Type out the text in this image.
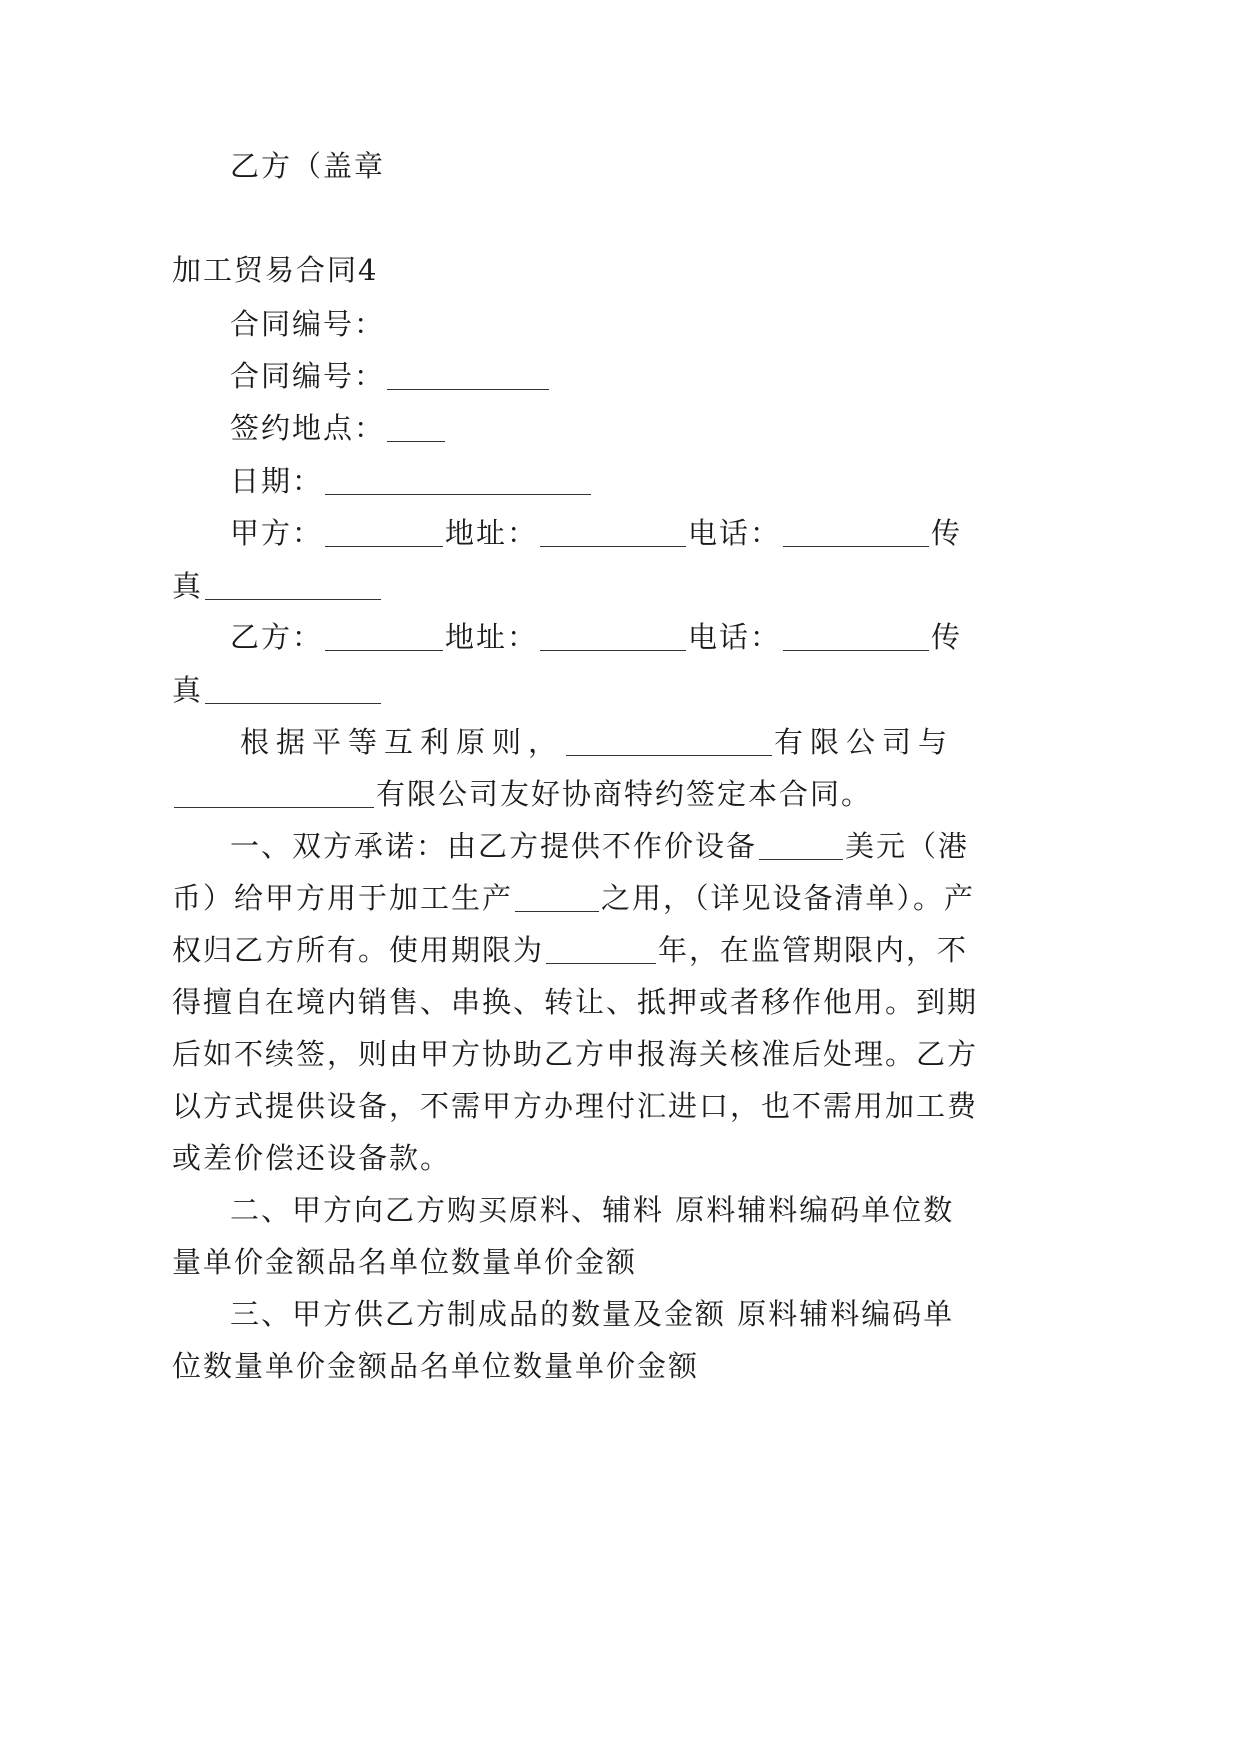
乙方（盖章
加工贸易合同4
合同编号：
合同编号：
签约地点：
日期：
甲方：	地址：	电话：	传
真
乙方：	地址：	电话：	传
真
根据平等互利原则，	有限公司与
有限公司友好协商特约签定本合同。
一、双方承诺：由乙方提供不作价设备	美元（港
币）给甲方用于加工生产	之用，（详见设备清单）。产
权归乙方所有。使用期限为	年，在监管期限内，不
得擅自在境内销售、串换、转让、抵押或者移作他用。到期
后如不续签，则由甲方协助乙方申报海关核准后处理。乙方
以方式提供设备，不需甲方办理付汇进口，也不需用加工费
或差价偿还设备款。
二、甲方向乙方购买原料、辅料 原料辅料编码单位数
量单价金额品名单位数量单价金额
三、甲方供乙方制成品的数量及金额 原料辅料编码单
位数量单价金额品名单位数量单价金额
